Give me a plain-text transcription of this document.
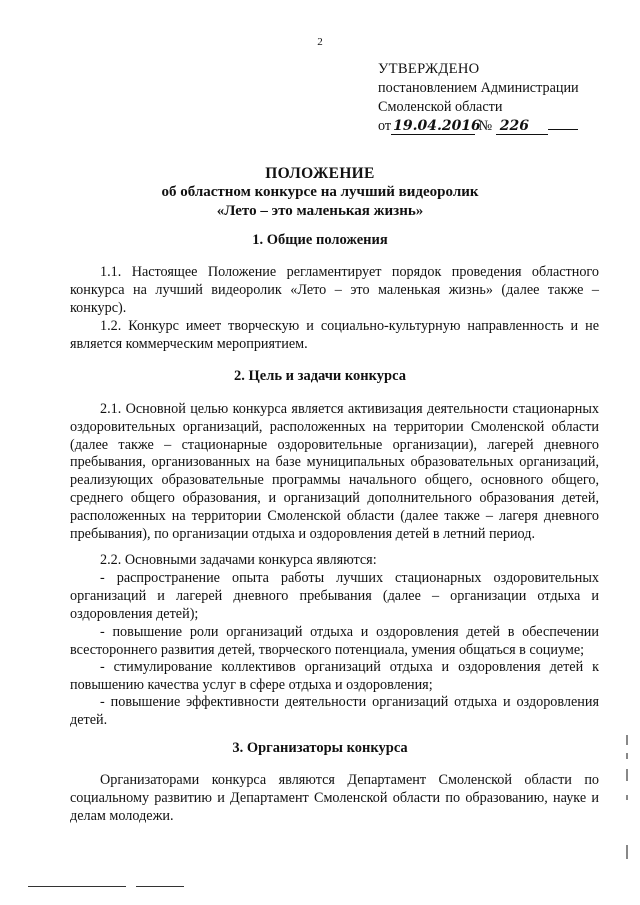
2
УТВЕРЖДЕНО
постановлением Администрации
Смоленской области
от 19.04.2016 № 226
ПОЛОЖЕНИЕ
об областном конкурсе на лучший видеоролик
«Лето – это маленькая жизнь»
1. Общие положения

1.1. Настоящее Положение регламентирует порядок проведения областного конкурса на лучший видеоролик «Лето – это маленькая жизнь» (далее также – конкурс).

1.2. Конкурс имеет творческую и социально-культурную направленность и не является коммерческим мероприятием.

2. Цель и задачи конкурса

2.1. Основной целью конкурса является активизация деятельности стационарных оздоровительных организаций, расположенных на территории Смоленской области (далее также – стационарные оздоровительные организации), лагерей дневного пребывания, организованных на базе муниципальных образовательных организаций, реализующих образовательные программы начального общего, основного общего, среднего общего образования, и организаций дополнительного образования детей, расположенных на территории Смоленской области (далее также – лагеря дневного пребывания), по организации отдыха и оздоровления детей в летний период.

2.2. Основными задачами конкурса являются:

- распространение опыта работы лучших стационарных оздоровительных организаций и лагерей дневного пребывания (далее – организации отдыха и оздоровления детей);

- повышение роли организаций отдыха и оздоровления детей в обеспечении всестороннего развития детей, творческого потенциала, умения общаться в социуме;

- стимулирование коллективов организаций отдыха и оздоровления детей к повышению качества услуг в сфере отдыха и оздоровления;

- повышение эффективности деятельности организаций отдыха и оздоровления детей.

3. Организаторы конкурса

Организаторами конкурса являются Департамент Смоленской области по социальному развитию и Департамент Смоленской области по образованию, науке и делам молодежи.
